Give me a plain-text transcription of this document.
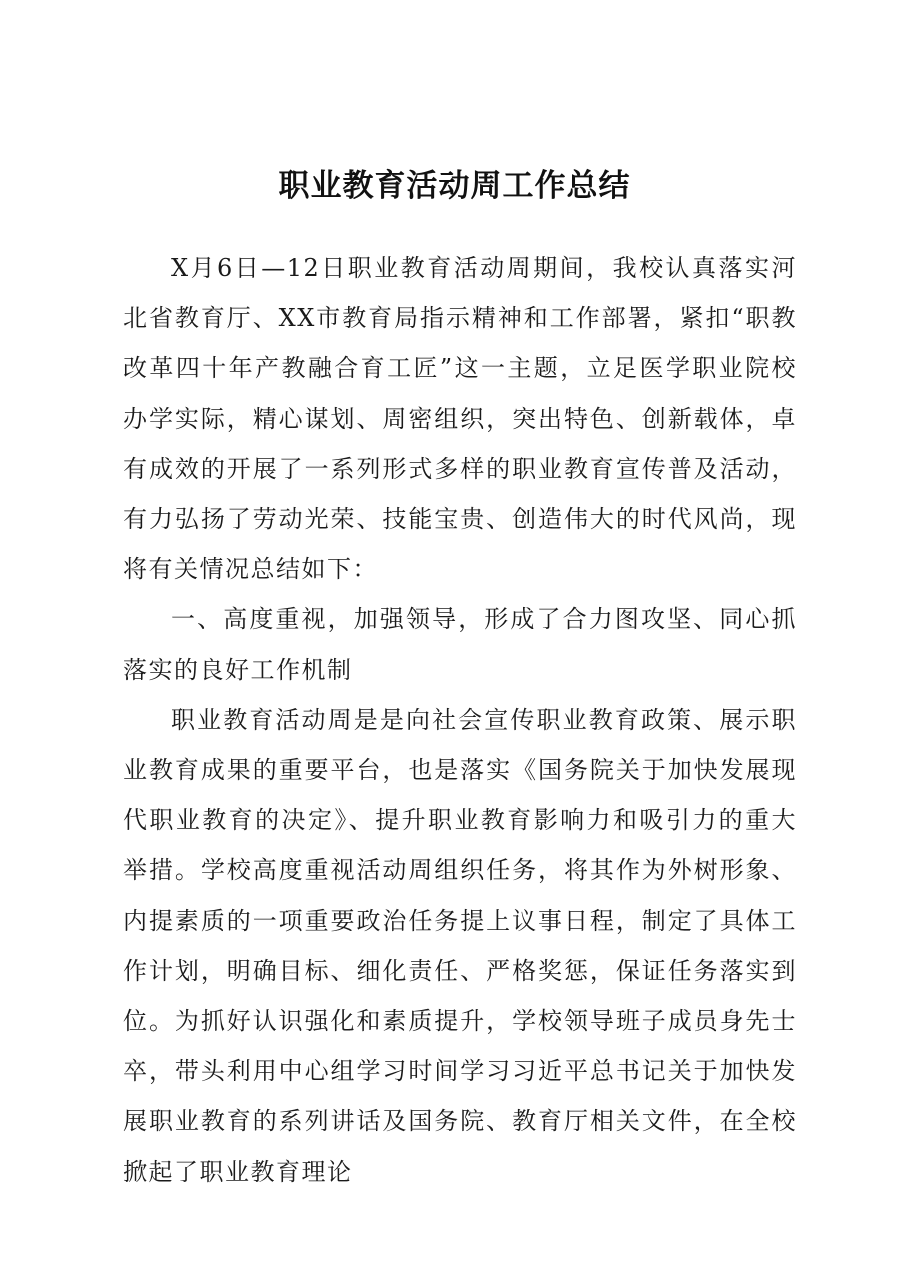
职业教育活动周工作总结

X月6日—12日职业教育活动周期间，我校认真落实河北省教育厅、XX市教育局指示精神和工作部署，紧扣“职教改革四十年产教融合育工匠”这一主题，立足医学职业院校办学实际，精心谋划、周密组织，突出特色、创新载体，卓有成效的开展了一系列形式多样的职业教育宣传普及活动，有力弘扬了劳动光荣、技能宝贵、创造伟大的时代风尚，现将有关情况总结如下：

一、高度重视，加强领导，形成了合力图攻坚、同心抓落实的良好工作机制

职业教育活动周是是向社会宣传职业教育政策、展示职业教育成果的重要平台，也是落实《国务院关于加快发展现代职业教育的决定》、提升职业教育影响力和吸引力的重大举措。学校高度重视活动周组织任务，将其作为外树形象、内提素质的一项重要政治任务提上议事日程，制定了具体工作计划，明确目标、细化责任、严格奖惩，保证任务落实到位。为抓好认识强化和素质提升，学校领导班子成员身先士卒，带头利用中心组学习时间学习习近平总书记关于加快发展职业教育的系列讲话及国务院、教育厅相关文件，在全校掀起了职业教育理论
